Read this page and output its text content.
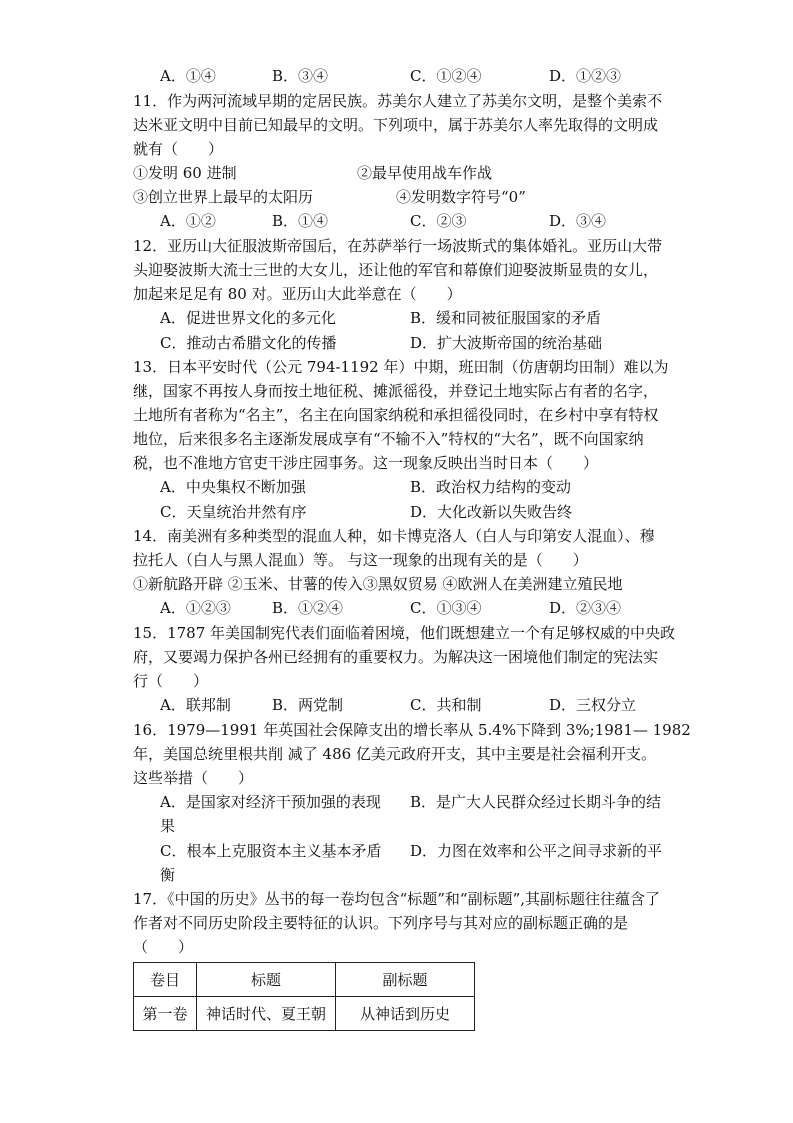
A．①④	B．③④	C．①②④	D．①②③
11．作为两河流域早期的定居民族。苏美尔人建立了苏美尔文明，是整个美索不
达米亚文明中目前已知最早的文明。下列项中，属于苏美尔人率先取得的文明成
就有（　　）
①发明 60 进制	②最早使用战车作战
③创立世界上最早的太阳历	④发明数字符号“0”
A．①②	B．①④	C．②③	D．③④
12．亚历山大征服波斯帝国后，在苏萨举行一场波斯式的集体婚礼。亚历山大带
头迎娶波斯大流士三世的大女儿，还让他的军官和幕僚们迎娶波斯显贵的女儿，
加起来足足有 80 对。亚历山大此举意在（　　）
A．促进世界文化的多元化	B．缓和同被征服国家的矛盾
C．推动古希腊文化的传播	D．扩大波斯帝国的统治基础
13．日本平安时代（公元 794-1192 年）中期，班田制（仿唐朝均田制）难以为
继，国家不再按人身而按土地征税、摊派徭役，并登记土地实际占有者的名字，
土地所有者称为“名主”，名主在向国家纳税和承担徭役同时，在乡村中享有特权
地位，后来很多名主逐渐发展成享有“不输不入”特权的“大名”，既不向国家纳
税，也不准地方官吏干涉庄园事务。这一现象反映出当时日本（　　）
A．中央集权不断加强	B．政治权力结构的变动
C．天皇统治井然有序	D．大化改新以失败告终
14．南美洲有多种类型的混血人种，如卡博克洛人（白人与印第安人混血）、穆
拉托人（白人与黑人混血）等。 与这一现象的出现有关的是（　　）
①新航路开辟 ②玉米、甘薯的传入③黑奴贸易 ④欧洲人在美洲建立殖民地
A．①②③	B．①②④	C．①③④	D．②③④
15．1787 年美国制宪代表们面临着困境，他们既想建立一个有足够权威的中央政
府，又要竭力保护各州已经拥有的重要权力。为解决这一困境他们制定的宪法实
行（　　）
A．联邦制	B．两党制	C．共和制	D．三权分立
16．1979—1991 年英国社会保障支出的增长率从 5.4%下降到 3%;1981— 1982
年，美国总统里根共削 减了 486 亿美元政府开支，其中主要是社会福利开支。
这些举措（　　）
A．是国家对经济干预加强的表现 B．是广大人民群众经过长期斗争的结
果
C．根本上克服资本主义基本矛盾 D．力图在效率和公平之间寻求新的平
衡
17．《中国的历史》丛书的每一卷均包含“标题”和“副标题”,其副标题往往蕴含了
作者对不同历史阶段主要特征的认识。下列序号与其对应的副标题正确的是
（　　）
卷目	标题	副标题
第一卷	神话时代、夏王朝	从神话到历史
